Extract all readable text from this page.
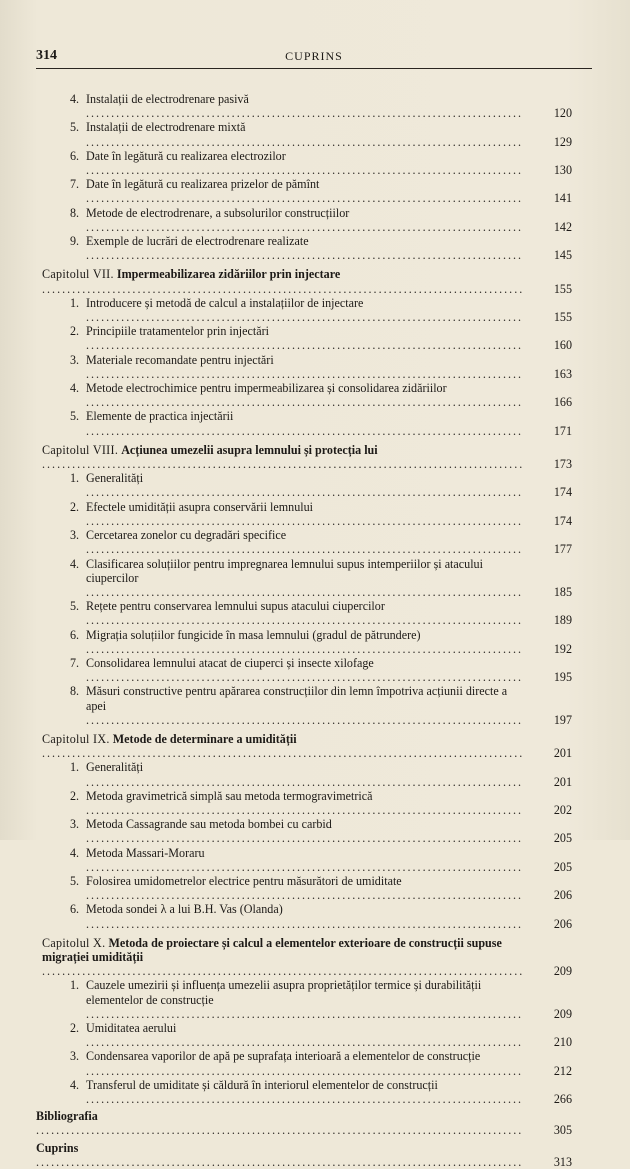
314	CUPRINS
4. Instalații de electrodrenare pasivă .......................................................................................	120
5. Instalații de electrodrenare mixtă .......................................................................................	129
6. Date în legătură cu realizarea electrozilor .......................................................................................	130
7. Date în legătură cu realizarea prizelor de pămînt .......................................................................................	141
8. Metode de electrodrenare, a subsolurilor construcțiilor .......................................................................................	142
9. Exemple de lucrări de electrodrenare realizate .......................................................................................	145
Capitolul VII. Impermeabilizarea zidăriilor prin injectare ................................................................................................ 155
1. Introducere și metodă de calcul a instalațiilor de injectare .......................................................................................	155
2. Principiile tratamentelor prin injectări .......................................................................................	160
3. Materiale recomandate pentru injectări .......................................................................................	163
4. Metode electrochimice pentru impermeabilizarea și consolidarea zidăriilor .......................................................................................	166
5. Elemente de practica injectării .......................................................................................	171
Capitolul VIII. Acțiunea umezelii asupra lemnului și protecția lui ................................................................................................ 173
1. Generalități .......................................................................................	174
2. Efectele umidității asupra conservării lemnului .......................................................................................	174
3. Cercetarea zonelor cu degradări specifice .......................................................................................	177
4. Clasificarea soluțiilor pentru impregnarea lemnului supus intemperiilor și atacului ciupercilor .......................................................................................	185
5. Rețete pentru conservarea lemnului supus atacului ciupercilor .......................................................................................	189
6. Migrația soluțiilor fungicide în masa lemnului (gradul de pătrundere) .......................................................................................	192
7. Consolidarea lemnului atacat de ciuperci și insecte xilofage .......................................................................................	195
8. Măsuri constructive pentru apărarea construcțiilor din lemn împotriva acțiunii directe a apei .......................................................................................	197
Capitolul IX. Metode de determinare a umidității ................................................................................................ 201
1. Generalități .......................................................................................	201
2. Metoda gravimetrică simplă sau metoda termogravimetrică .......................................................................................	202
3. Metoda Cassagrande sau metoda bombei cu carbid .......................................................................................	205
4. Metoda Massari-Moraru .......................................................................................	205
5. Folosirea umidometrelor electrice pentru măsurători de umiditate .......................................................................................	206
6. Metoda sondei λ a lui B.H. Vas (Olanda) .......................................................................................	206
Capitolul X. Metoda de proiectare și calcul a elementelor exterioare de construcții supuse migrației umidității ................................................................................................ 209
1. Cauzele umezirii și influența umezelii asupra proprietăților termice și durabilității elementelor de construcție .......................................................................................	209
2. Umiditatea aerului .......................................................................................	210
3. Condensarea vaporilor de apă pe suprafața interioară a elementelor de construcție .......................................................................................	212
4. Transferul de umiditate și căldură în interiorul elementelor de construcții .......................................................................................	266
Bibliografia .................................................................................................	305
Cuprins .................................................................................................	313
